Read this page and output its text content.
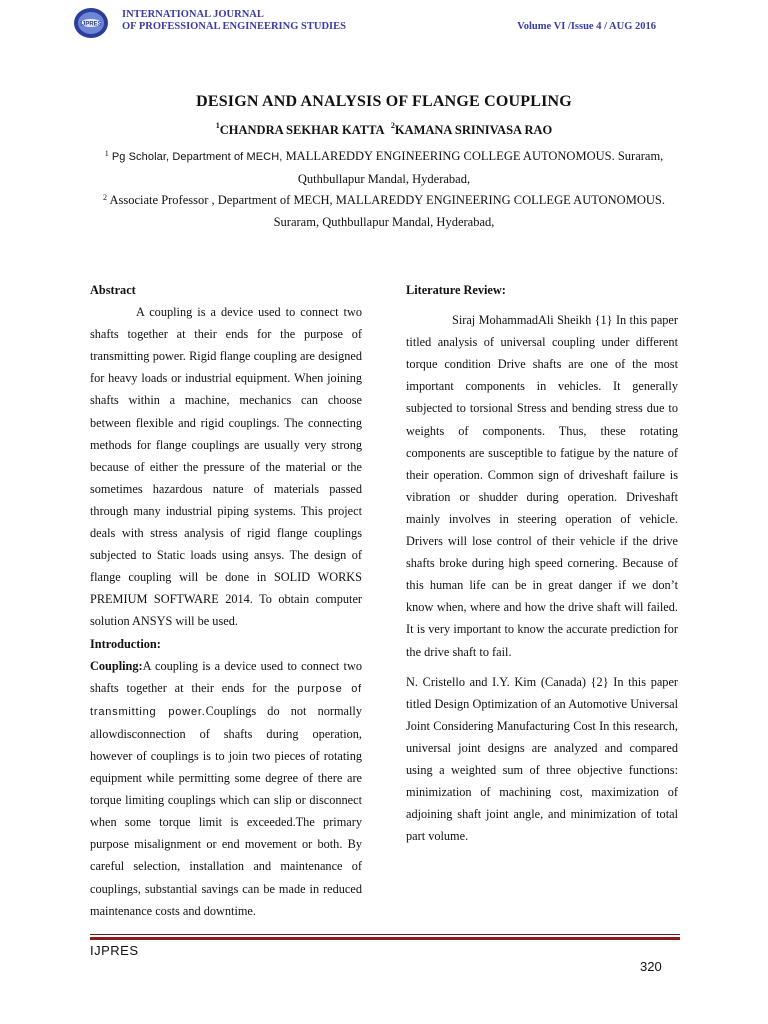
IJPRES
INTERNATIONAL JOURNAL
OF PROFESSIONAL ENGINEERING STUDIES	Volume VI /Issue 4 / AUG 2016
DESIGN AND ANALYSIS OF FLANGE COUPLING
$^1$CHANDRA SEKHAR KATTA $^2$KAMANA SRINIVASA RAO
$^1$ Pg Scholar, Department of MECH, MALLAREDDY ENGINEERING COLLEGE AUTONOMOUS. Suraram,
Quthbullapur Mandal, Hyderabad,
$^2$ Associate Professor , Department of MECH, MALLAREDDY ENGINEERING COLLEGE AUTONOMOUS.
Suraram, Quthbullapur Mandal, Hyderabad,

Abstract

A coupling is a device used to connect two shafts together at their ends for the purpose of transmitting power. Rigid flange coupling are designed for heavy loads or industrial equipment. When joining shafts within a machine, mechanics can choose between flexible and rigid couplings. The connecting methods for flange couplings are usually very strong because of either the pressure of the material or the sometimes hazardous nature of materials passed through many industrial piping systems. This project deals with stress analysis of rigid flange couplings subjected to Static loads using ansys. The design of flange coupling will be done in SOLID WORKS PREMIUM SOFTWARE 2014. To obtain computer solution ANSYS will be used.

Introduction:

Coupling:A coupling is a device used to connect two shafts together at their ends for the purpose of transmitting power.Couplings do not normally allowdisconnection of shafts during operation, however of couplings is to join two pieces of rotating equipment while permitting some degree of there are torque limiting couplings which can slip or disconnect when some torque limit is exceeded.The primary purpose misalignment or end movement or both. By careful selection, installation and maintenance of couplings, substantial savings can be made in reduced maintenance costs and downtime.

Literature Review:

Siraj MohammadAli Sheikh {1} In this paper titled analysis of universal coupling under different torque condition Drive shafts are one of the most important components in vehicles. It generally subjected to torsional Stress and bending stress due to weights of components. Thus, these rotating components are susceptible to fatigue by the nature of their operation. Common sign of driveshaft failure is vibration or shudder during operation. Driveshaft mainly involves in steering operation of vehicle. Drivers will lose control of their vehicle if the drive shafts broke during high speed cornering. Because of this human life can be in great danger if we don’t know when, where and how the drive shaft will failed. It is very important to know the accurate prediction for the drive shaft to fail.

N. Cristello and I.Y. Kim (Canada) {2} In this paper titled Design Optimization of an Automotive Universal Joint Considering Manufacturing Cost In this research, universal joint designs are analyzed and compared using a weighted sum of three objective functions: minimization of machining cost, maximization of adjoining shaft joint angle, and minimization of total part volume.

IJPRES
320
